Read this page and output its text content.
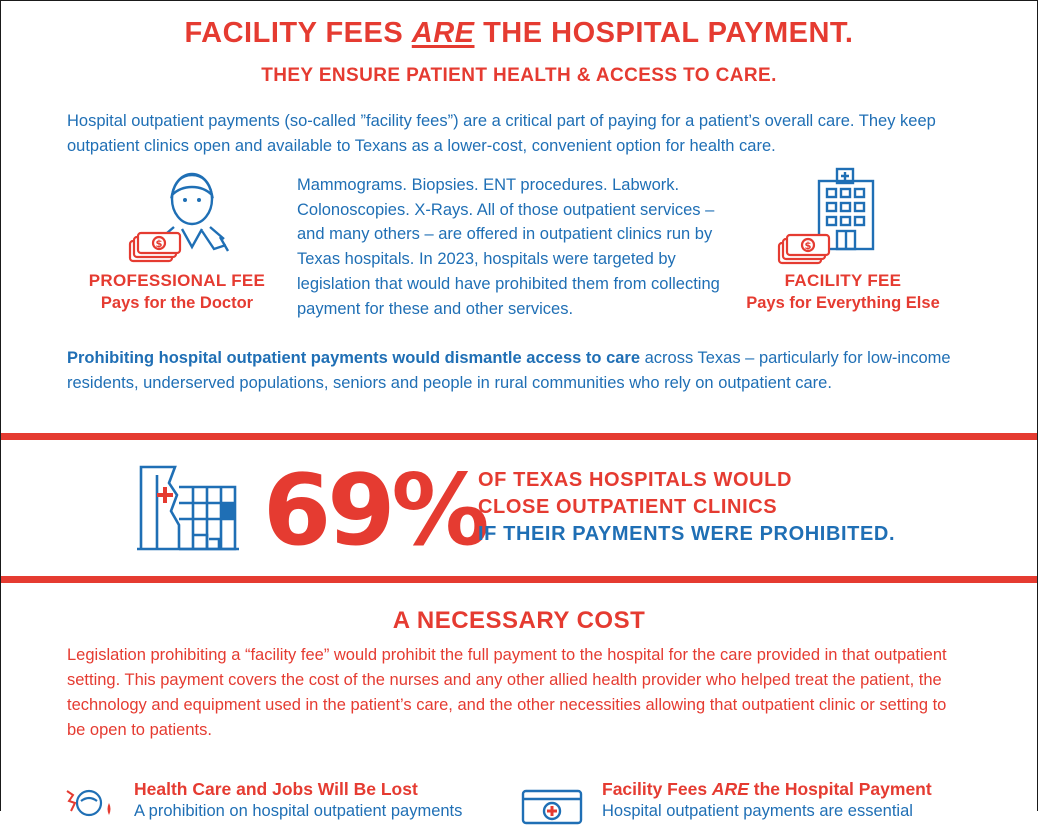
FACILITY FEES ARE THE HOSPITAL PAYMENT.
THEY ENSURE PATIENT HEALTH & ACCESS TO CARE.
Hospital outpatient payments (so-called ”facility fees”) are a critical part of paying for a patient’s overall care. They keep outpatient clinics open and available to Texans as a lower-cost, convenient option for health care.
$
PROFESSIONAL FEE
Pays for the Doctor
Mammograms. Biopsies. ENT procedures. Labwork. Colonoscopies. X-Rays. All of those outpatient services – and many others – are offered in outpatient clinics run by Texas hospitals. In 2023, hospitals were targeted by legislation that would have prohibited them from collecting payment for these and other services.
$
FACILITY FEE
Pays for Everything Else
Prohibiting hospital outpatient payments would dismantle access to care across Texas – particularly for low-income residents, underserved populations, seniors and people in rural communities who rely on outpatient care.
69%
OF TEXAS HOSPITALS WOULD
CLOSE OUTPATIENT CLINICS
IF THEIR PAYMENTS WERE PROHIBITED.
A NECESSARY COST
Legislation prohibiting a “facility fee” would prohibit the full payment to the hospital for the care provided in that outpatient setting. This payment covers the cost of the nurses and any other allied health provider who helped treat the patient, the technology and equipment used in the patient’s care, and the other necessities allowing that outpatient clinic or setting to be open to patients.
Health Care and Jobs Will Be Lost
A prohibition on hospital outpatient payments
Facility Fees ARE the Hospital Payment
Hospital outpatient payments are essential
